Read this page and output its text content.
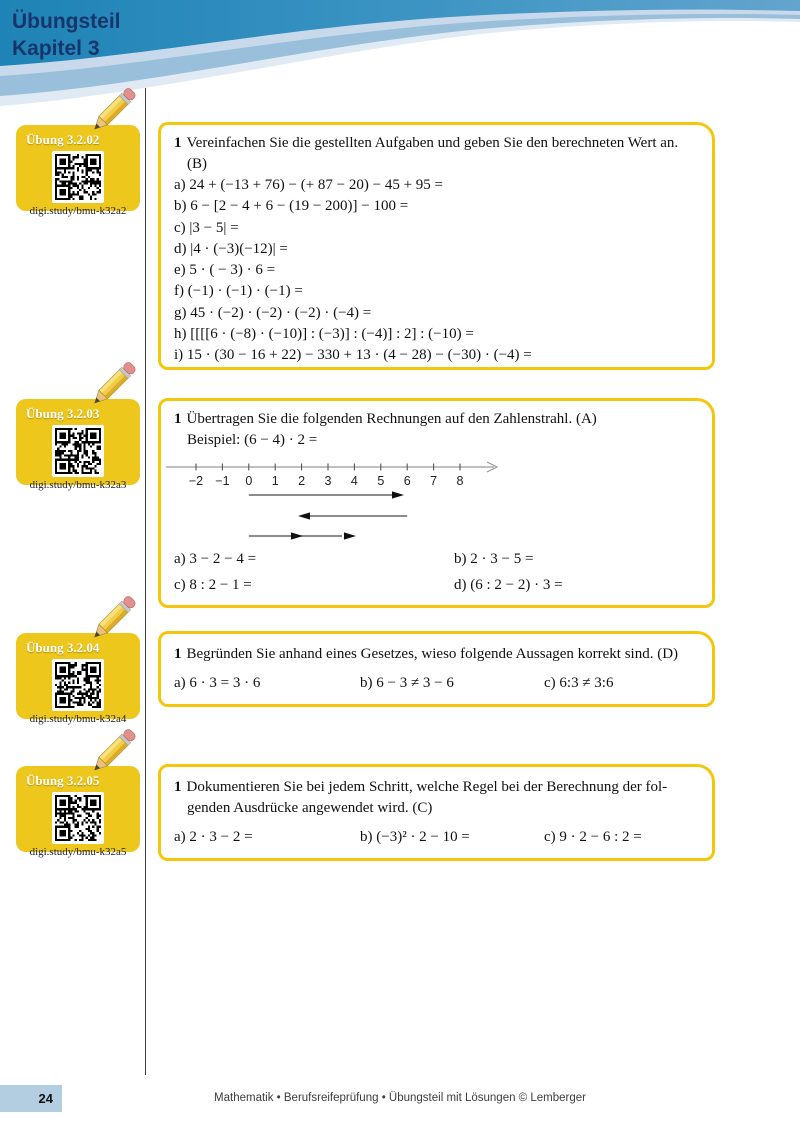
Übungsteil
Kapitel 3
Übung 3.2.02
digi.study/bmu-k32a2
Übung 3.2.03
digi.study/bmu-k32a3
Übung 3.2.04
digi.study/bmu-k32a4
Übung 3.2.05
digi.study/bmu-k32a5

1 Vereinfachen Sie die gestellten Aufgaben und geben Sie den berechneten Wert an.

(B)

a) 24 + (−13 + 76) − (+ 87 − 20) − 45 + 95 =
b) 6 − [2 − 4 + 6 − (19 − 200)] − 100 =
c) |3 − 5| =
d) |4 · (−3)(−12)| =
e) 5 · ( − 3) · 6 =
f) (−1) · (−1) · (−1) =
g) 45 · (−2) · (−2) · (−2) · (−4) =
h) [[[[6 · (−8) · (−10)] : (−3)] : (−4)] : 2] : (−10) =
i) 15 · (30 − 16 + 22) − 330 + 13 · (4 − 28) − (−30) · (−4) =

1 Übertragen Sie die folgenden Rechnungen auf den Zahlenstrahl. (A)

Beispiel: (6 − 4) · 2 =

−2 −1 0 1 2 3 4 5 6 7 8
a) 3 − 2 − 4 =	b) 2 · 3 − 5 =
c) 8 : 2 − 1 =	d) (6 : 2 − 2) · 3 =

1 Begründen Sie anhand eines Gesetzes, wieso folgende Aussagen korrekt sind. (D)

a) 6 · 3 = 3 · 6	b) 6 − 3 ≠ 3 − 6	c) 6:3 ≠ 3:6

1 Dokumentieren Sie bei jedem Schritt, welche Regel bei der Berechnung der fol-

genden Ausdrücke angewendet wird. (C)

a) 2 · 3 − 2 =	b) (−3)² · 2 − 10 =	c) 9 · 2 − 6 : 2 =
24	Mathematik • Berufsreifeprüfung • Übungsteil mit Lösungen © Lemberger
